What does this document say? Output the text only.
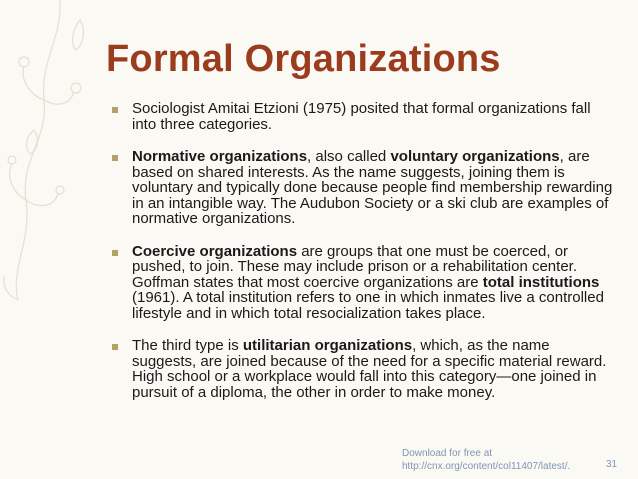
Formal Organizations

Sociologist Amitai Etzioni (1975) posited that formal organizations fall into three categories.

Normative organizations, also called voluntary organizations, are based on shared interests. As the name suggests, joining them is voluntary and typically done because people find membership rewarding in an intangible way. The Audubon Society or a ski club are examples of normative organizations.

Coercive organizations are groups that one must be coerced, or pushed, to join. These may include prison or a rehabilitation center. Goffman states that most coercive organizations are total institutions (1961). A total institution refers to one in which inmates live a controlled lifestyle and in which total resocialization takes place.

The third type is utilitarian organizations, which, as the name suggests, are joined because of the need for a specific material reward. High school or a workplace would fall into this category—one joined in pursuit of a diploma, the other in order to make money.

Download for free at
http://cnx.org/content/col11407/latest/.	31
